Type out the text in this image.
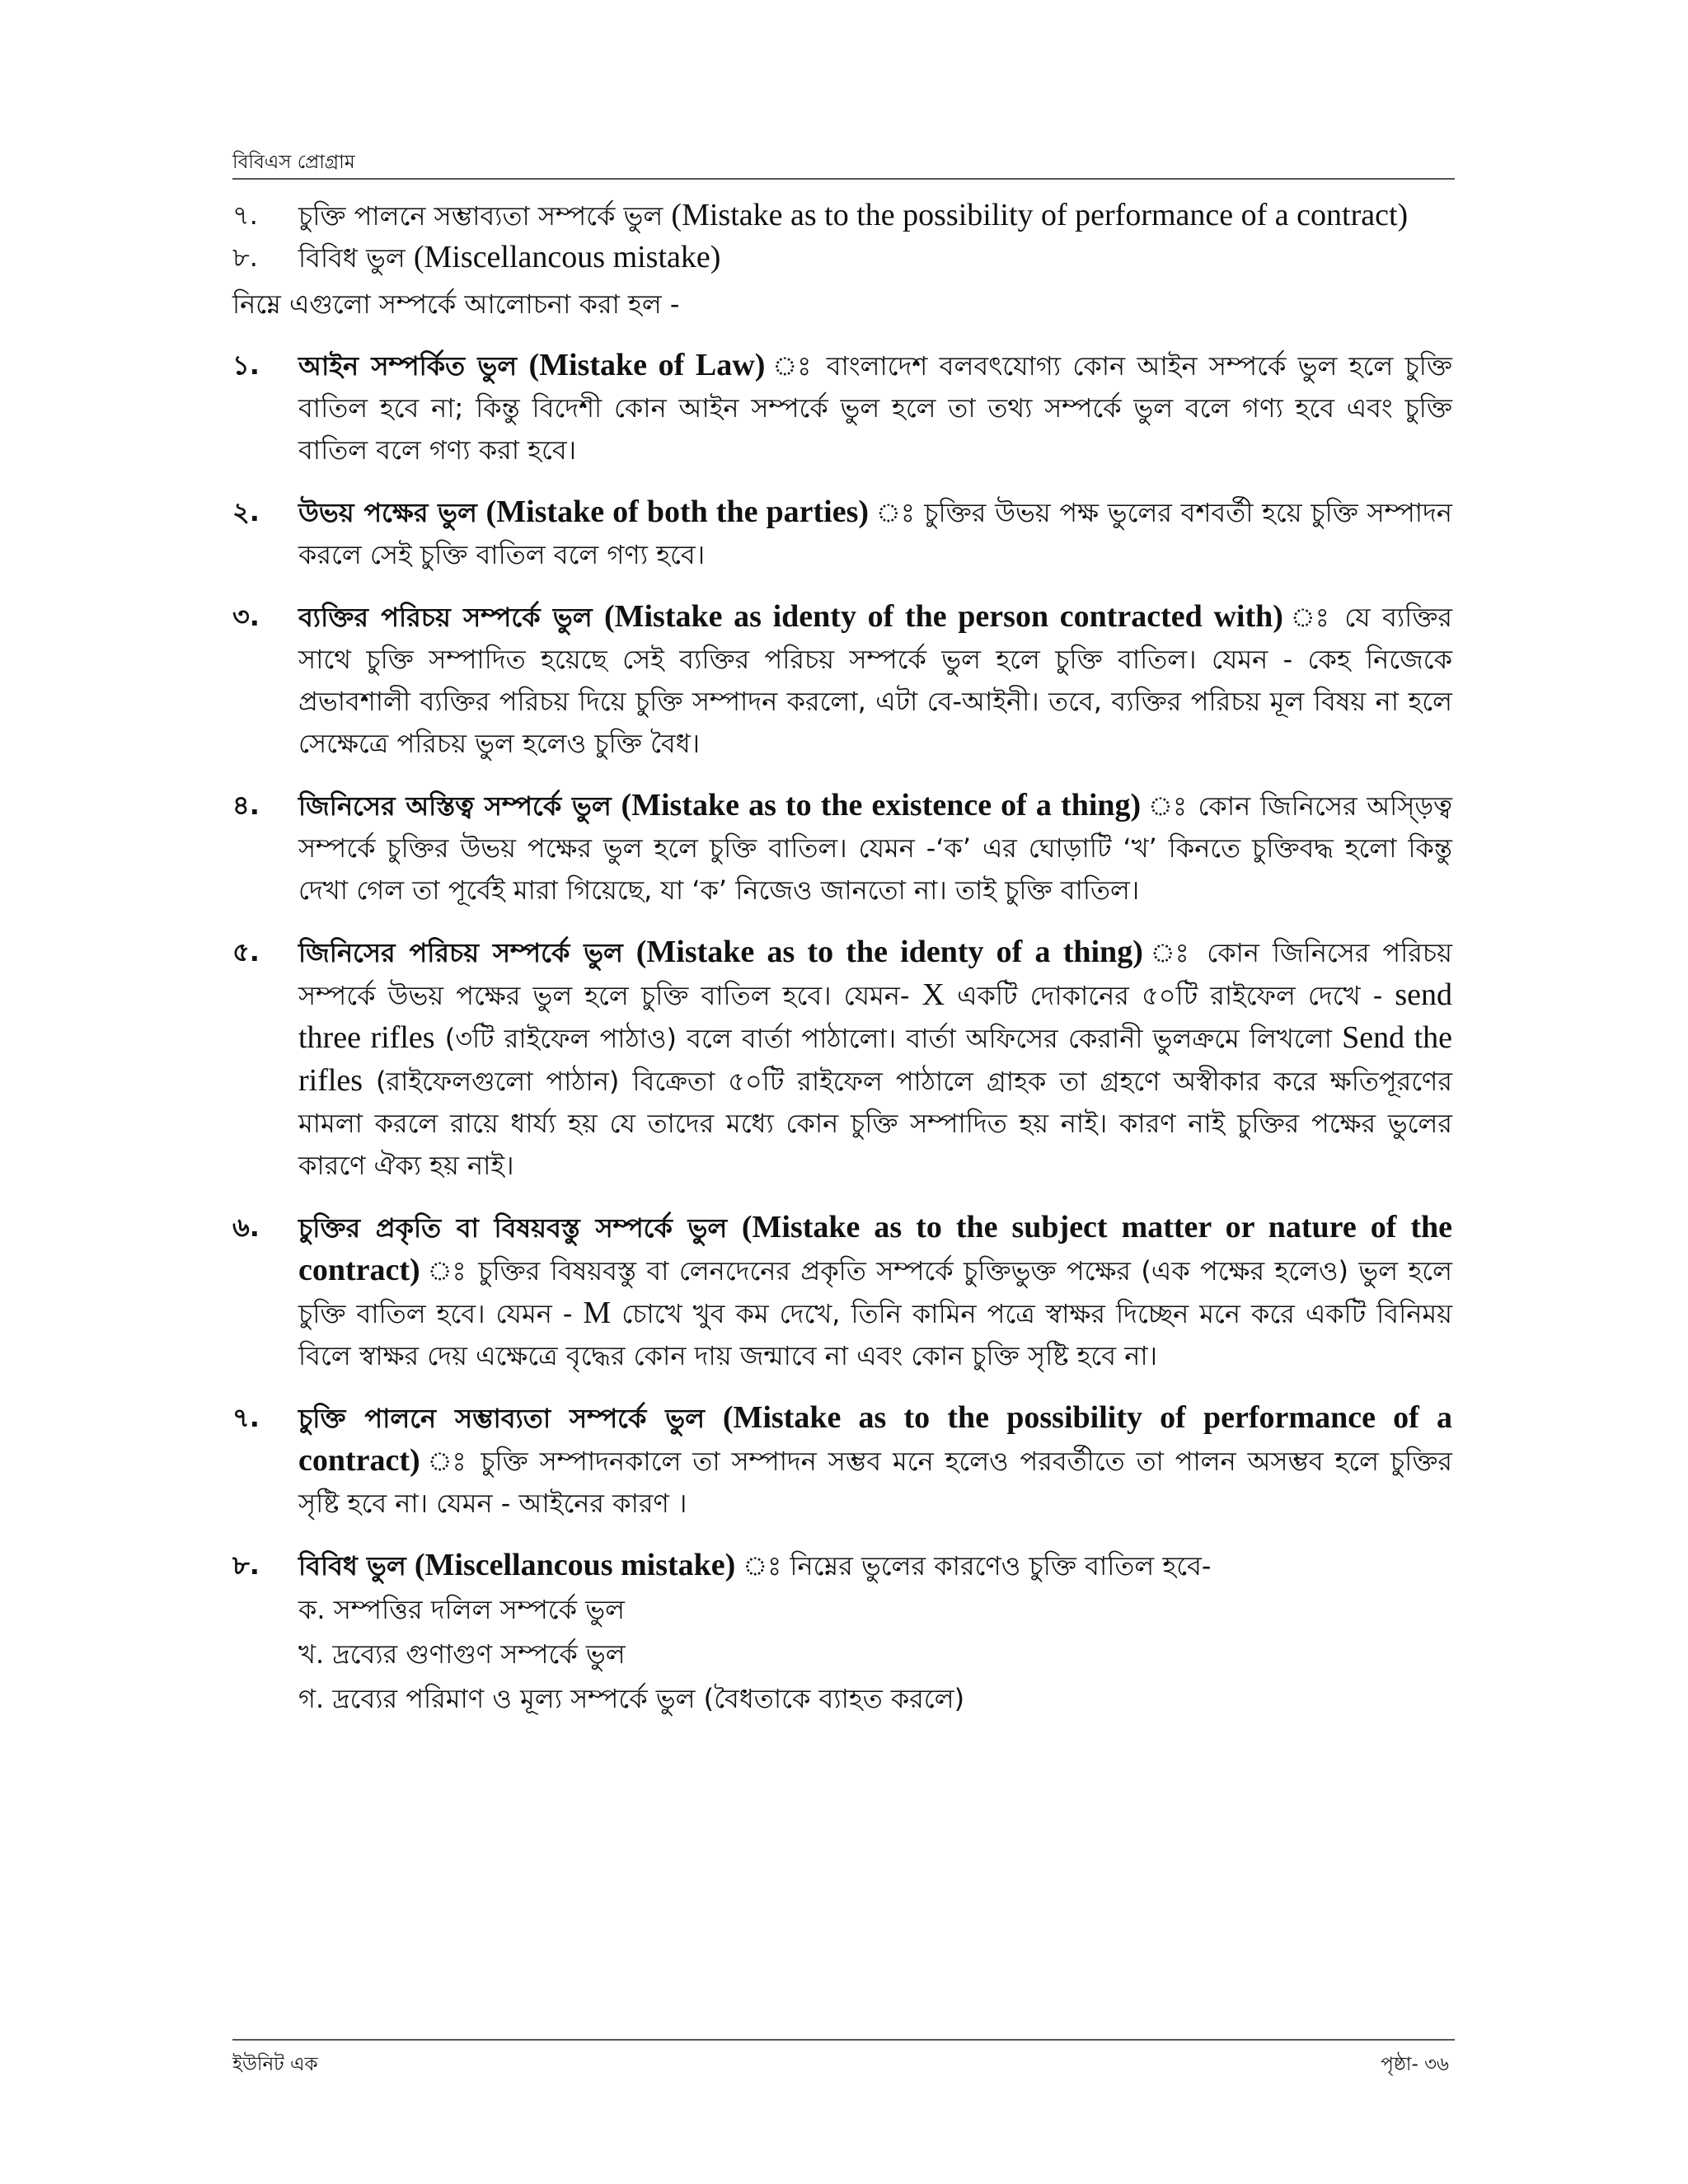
বিবিএস প্রোগ্রাম
৭.	চুক্তি পালনে সম্ভাব্যতা সম্পর্কে ভুল (Mistake as to the possibility of performance of a contract)
৮.	বিবিধ ভুল (Miscellancous mistake)
নিম্নে এগুলো সম্পর্কে আলোচনা করা হল -
১.	আইন সম্পর্কিত ভুল (Mistake of Law) ঃ বাংলাদেশ বলবৎযোগ্য কোন আইন সম্পর্কে ভুল হলে চুক্তি বাতিল হবে না; কিন্তু বিদেশী কোন আইন সম্পর্কে ভুল হলে তা তথ্য সম্পর্কে ভুল বলে গণ্য হবে এবং চুক্তি বাতিল বলে গণ্য করা হবে।
২.	উভয় পক্ষের ভুল (Mistake of both the parties) ঃ চুক্তির উভয় পক্ষ ভুলের বশবর্তী হয়ে চুক্তি সম্পাদন করলে সেই চুক্তি বাতিল বলে গণ্য হবে।
৩.	ব্যক্তির পরিচয় সম্পর্কে ভুল (Mistake as identy of the person contracted with) ঃ যে ব্যক্তির সাথে চুক্তি সম্পাদিত হয়েছে সেই ব্যক্তির পরিচয় সম্পর্কে ভুল হলে চুক্তি বাতিল। যেমন - কেহ নিজেকে প্রভাবশালী ব্যক্তির পরিচয় দিয়ে চুক্তি সম্পাদন করলো, এটা বে-আইনী। তবে, ব্যক্তির পরিচয় মূল বিষয় না হলে সেক্ষেত্রে পরিচয় ভুল হলেও চুক্তি বৈধ।
৪.	জিনিসের অস্তিত্ব সম্পর্কে ভুল (Mistake as to the existence of a thing) ঃ কোন জিনিসের অস্ড়িত্ব সম্পর্কে চুক্তির উভয় পক্ষের ভুল হলে চুক্তি বাতিল। যেমন -‘ক’ এর ঘোড়াটি ‘খ’ কিনতে চুক্তিবদ্ধ হলো কিন্তু দেখা গেল তা পূর্বেই মারা গিয়েছে, যা ‘ক’ নিজেও জানতো না। তাই চুক্তি বাতিল।
৫.	জিনিসের পরিচয় সম্পর্কে ভুল (Mistake as to the identy of a thing) ঃ কোন জিনিসের পরিচয় সম্পর্কে উভয় পক্ষের ভুল হলে চুক্তি বাতিল হবে। যেমন- X একটি দোকানের ৫০টি রাইফেল দেখে - send three rifles (৩টি রাইফেল পাঠাও) বলে বার্তা পাঠালো। বার্তা অফিসের কেরানী ভুলক্রমে লিখলো Send the rifles (রাইফেলগুলো পাঠান) বিক্রেতা ৫০টি রাইফেল পাঠালে গ্রাহক তা গ্রহণে অস্বীকার করে ক্ষতিপূরণের মামলা করলে রায়ে ধার্য্য হয় যে তাদের মধ্যে কোন চুক্তি সম্পাদিত হয় নাই। কারণ নাই চুক্তির পক্ষের ভুলের কারণে ঐক্য হয় নাই।
৬.	চুক্তির প্রকৃতি বা বিষয়বস্তু সম্পর্কে ভুল (Mistake as to the subject matter or nature of the contract) ঃ চুক্তির বিষয়বস্তু বা লেনদেনের প্রকৃতি সম্পর্কে চুক্তিভুক্ত পক্ষের (এক পক্ষের হলেও) ভুল হলে চুক্তি বাতিল হবে। যেমন - M চোখে খুব কম দেখে, তিনি কামিন পত্রে স্বাক্ষর দিচ্ছেন মনে করে একটি বিনিময় বিলে স্বাক্ষর দেয় এক্ষেত্রে বৃদ্ধের কোন দায় জন্মাবে না এবং কোন চুক্তি সৃষ্টি হবে না।
৭.	চুক্তি পালনে সম্ভাব্যতা সম্পর্কে ভুল (Mistake as to the possibility of performance of a contract) ঃ চুক্তি সম্পাদনকালে তা সম্পাদন সম্ভব মনে হলেও পরবর্তীতে তা পালন অসম্ভব হলে চুক্তির সৃষ্টি হবে না। যেমন - আইনের কারণ ।
৮.	বিবিধ ভুল (Miscellancous mistake) ঃ নিম্নের ভুলের কারণেও চুক্তি বাতিল হবে-
ক. সম্পত্তির দলিল সম্পর্কে ভুল
খ. দ্রব্যের গুণাগুণ সম্পর্কে ভুল
গ. দ্রব্যের পরিমাণ ও মূল্য সম্পর্কে ভুল (বৈধতাকে ব্যাহত করলে)
ইউনিট এক	পৃষ্ঠা- ৩৬
